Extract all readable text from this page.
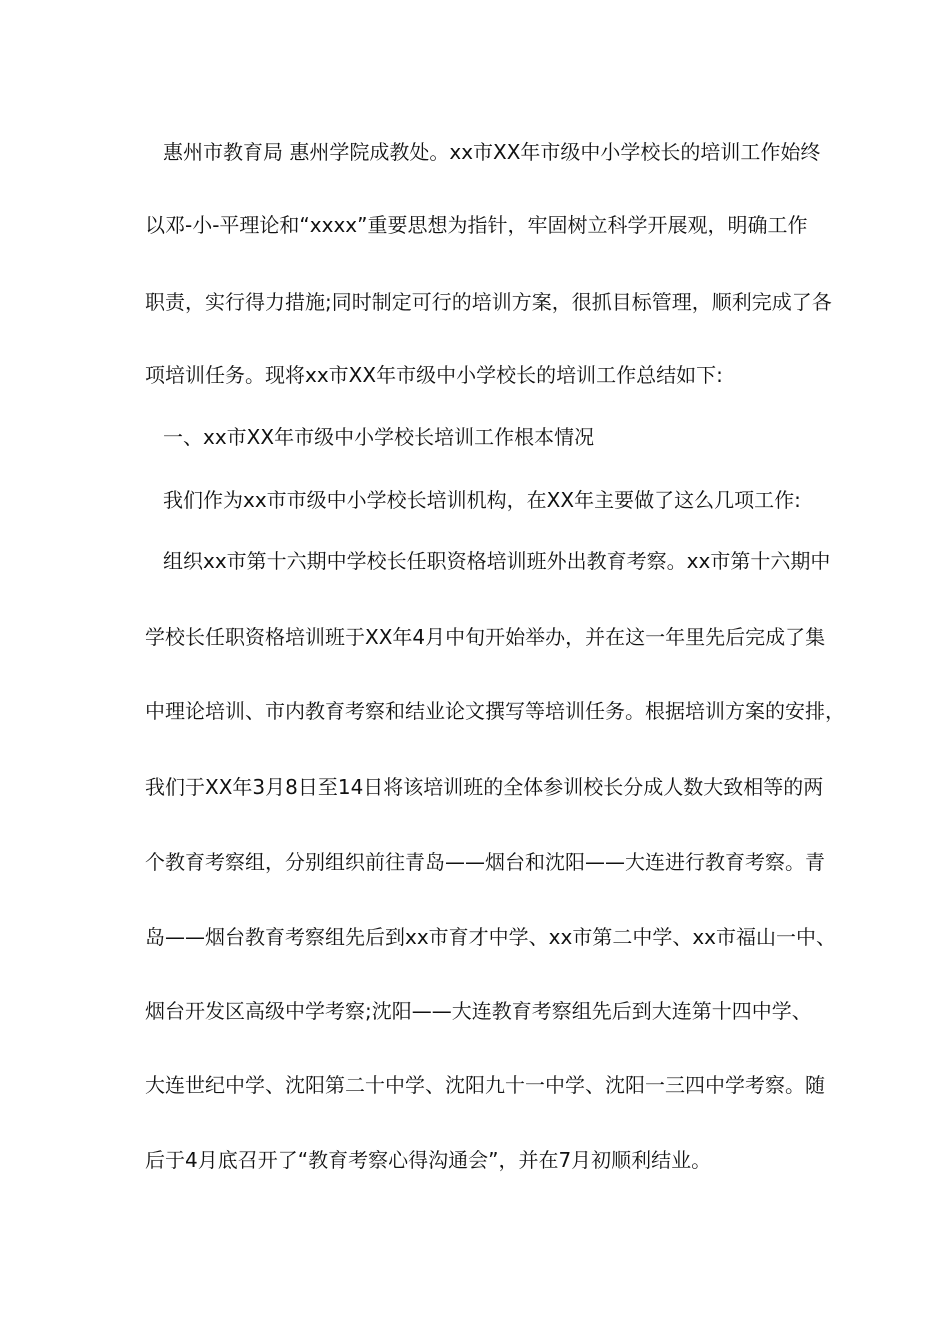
惠州市教育局 惠州学院成教处。xx市XX年市级中小学校长的培训工作始终
以邓-小-平理论和“xxxx”重要思想为指针，牢固树立科学开展观，明确工作
职责，实行得力措施;同时制定可行的培训方案，很抓目标管理，顺利完成了各
项培训任务。现将xx市XX年市级中小学校长的培训工作总结如下:
一、xx市XX年市级中小学校长培训工作根本情况
我们作为xx市市级中小学校长培训机构，在XX年主要做了这么几项工作:
组织xx市第十六期中学校长任职资格培训班外出教育考察。xx市第十六期中
学校长任职资格培训班于XX年4月中旬开始举办，并在这一年里先后完成了集
中理论培训、市内教育考察和结业论文撰写等培训任务。根据培训方案的安排，
我们于XX年3月8日至14日将该培训班的全体参训校长分成人数大致相等的两
个教育考察组，分别组织前往青岛——烟台和沈阳——大连进行教育考察。青
岛——烟台教育考察组先后到xx市育才中学、xx市第二中学、xx市福山一中、
烟台开发区高级中学考察;沈阳——大连教育考察组先后到大连第十四中学、
大连世纪中学、沈阳第二十中学、沈阳九十一中学、沈阳一三四中学考察。随
后于4月底召开了“教育考察心得沟通会”，并在7月初顺利结业。
